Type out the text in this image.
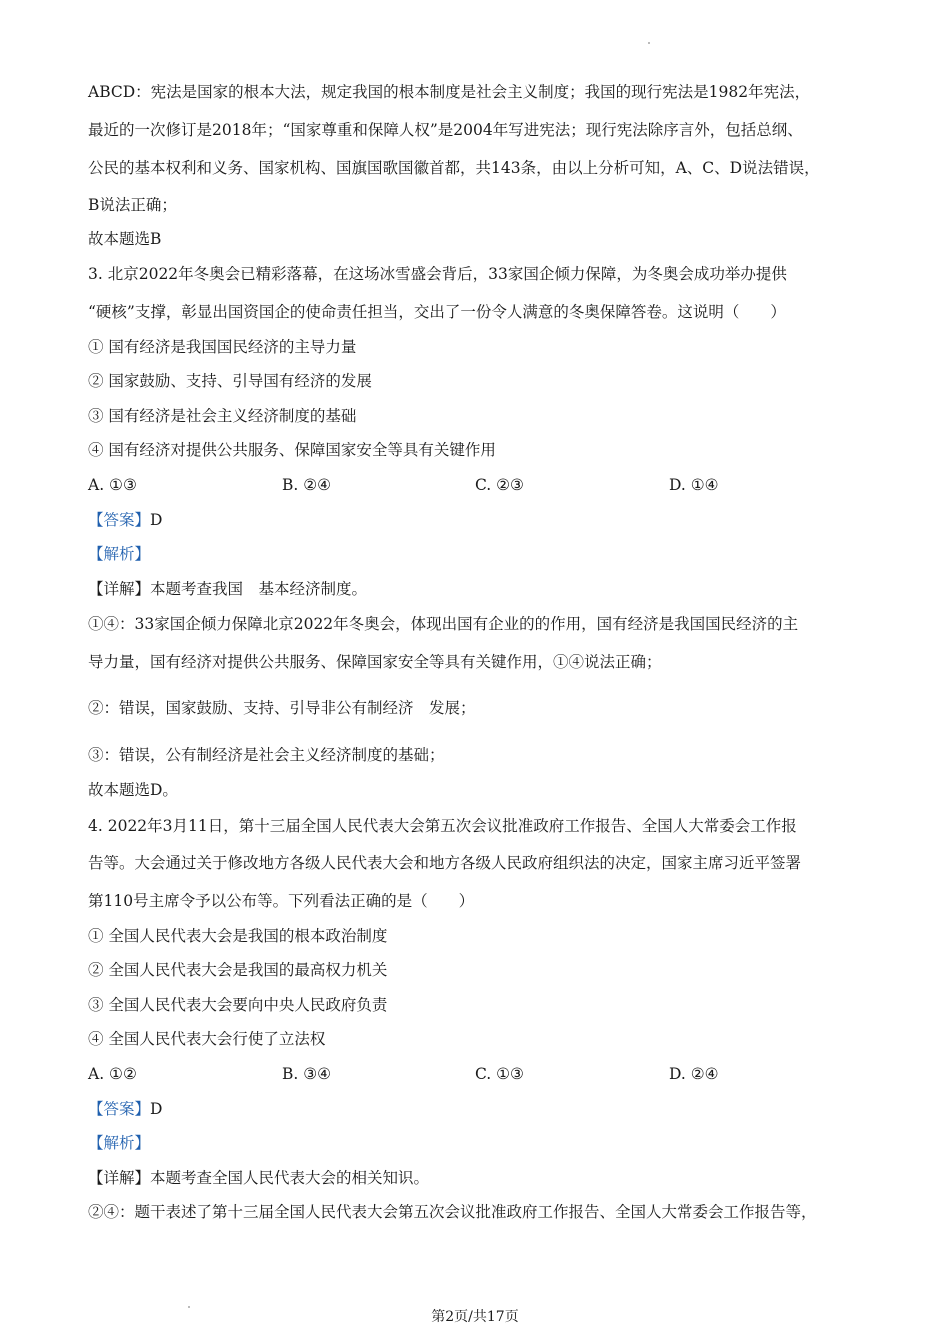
ABCD：宪法是国家的根本大法，规定我国的根本制度是社会主义制度；我国的现行宪法是1982年宪法，
最近的一次修订是2018年；“国家尊重和保障人权”是2004年写进宪法；现行宪法除序言外，包括总纲、
公民的基本权利和义务、国家机构、国旗国歌国徽首都，共143条，由以上分析可知，A、C、D说法错误，
B说法正确；
故本题选B
3. 北京2022年冬奥会已精彩落幕，在这场冰雪盛会背后，33家国企倾力保障，为冬奥会成功举办提供
“硬核”支撑，彰显出国资国企的使命责任担当，交出了一份令人满意的冬奥保障答卷。这说明（　　）
① 国有经济是我国国民经济的主导力量
② 国家鼓励、支持、引导国有经济的发展
③ 国有经济是社会主义经济制度的基础
④ 国有经济对提供公共服务、保障国家安全等具有关键作用
A. ①③	B. ②④	C. ②③	D. ①④
【答案】D
【解析】
【详解】本题考查我国　基本经济制度。
①④：33家国企倾力保障北京2022年冬奥会，体现出国有企业的的作用，国有经济是我国国民经济的主
导力量，国有经济对提供公共服务、保障国家安全等具有关键作用，①④说法正确；
②：错误，国家鼓励、支持、引导非公有制经济　发展；
③：错误，公有制经济是社会主义经济制度的基础；
故本题选D。
4. 2022年3月11日，第十三届全国人民代表大会第五次会议批准政府工作报告、全国人大常委会工作报
告等。大会通过关于修改地方各级人民代表大会和地方各级人民政府组织法的决定，国家主席习近平签署
第110号主席令予以公布等。下列看法正确的是（　　）
① 全国人民代表大会是我国的根本政治制度
② 全国人民代表大会是我国的最高权力机关
③ 全国人民代表大会要向中央人民政府负责
④ 全国人民代表大会行使了立法权
A. ①②	B. ③④	C. ①③	D. ②④
【答案】D
【解析】
【详解】本题考查全国人民代表大会的相关知识。
②④：题干表述了第十三届全国人民代表大会第五次会议批准政府工作报告、全国人大常委会工作报告等，
第2页/共17页
